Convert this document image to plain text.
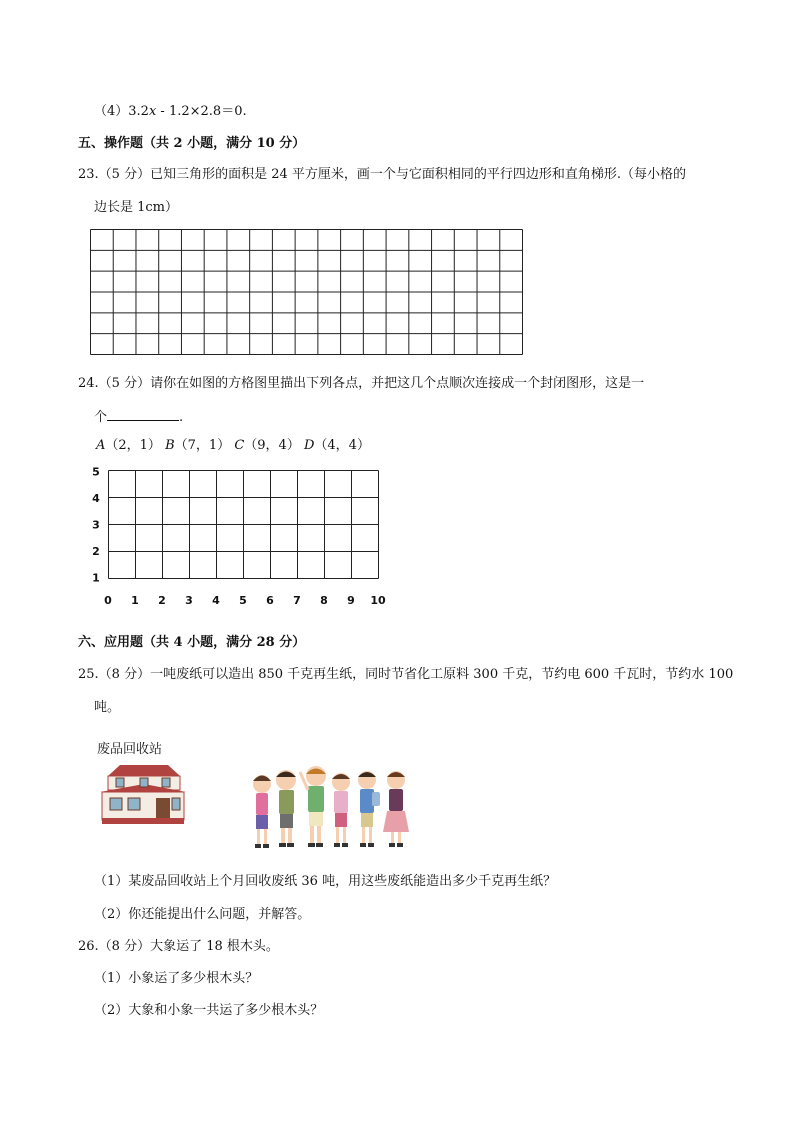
（4）3.2x ‑ 1.2×2.8＝0.
五、操作题（共 2 小题，满分 10 分）
23.（5 分）已知三角形的面积是 24 平方厘米，画一个与它面积相同的平行四边形和直角梯形.（每小格的
边长是 1cm）
24.（5 分）请你在如图的方格图里描出下列各点，并把这几个点顺次连接成一个封闭图形，这是一
个	.
A（2，1） B（7，1） C（9，4） D（4，4）
0 1 2 3 4 5 6 7 8 9 10
1
2
3
4
5
六、应用题（共 4 小题，满分 28 分）
25.（8 分）一吨废纸可以造出 850 千克再生纸，同时节省化工原料 300 千克，节约电 600 千瓦时，节约水 100
吨。
废品回收站
（1）某废品回收站上个月回收废纸 36 吨，用这些废纸能造出多少千克再生纸？
（2）你还能提出什么问题，并解答。
26.（8 分）大象运了 18 根木头。
（1）小象运了多少根木头？
（2）大象和小象一共运了多少根木头？
